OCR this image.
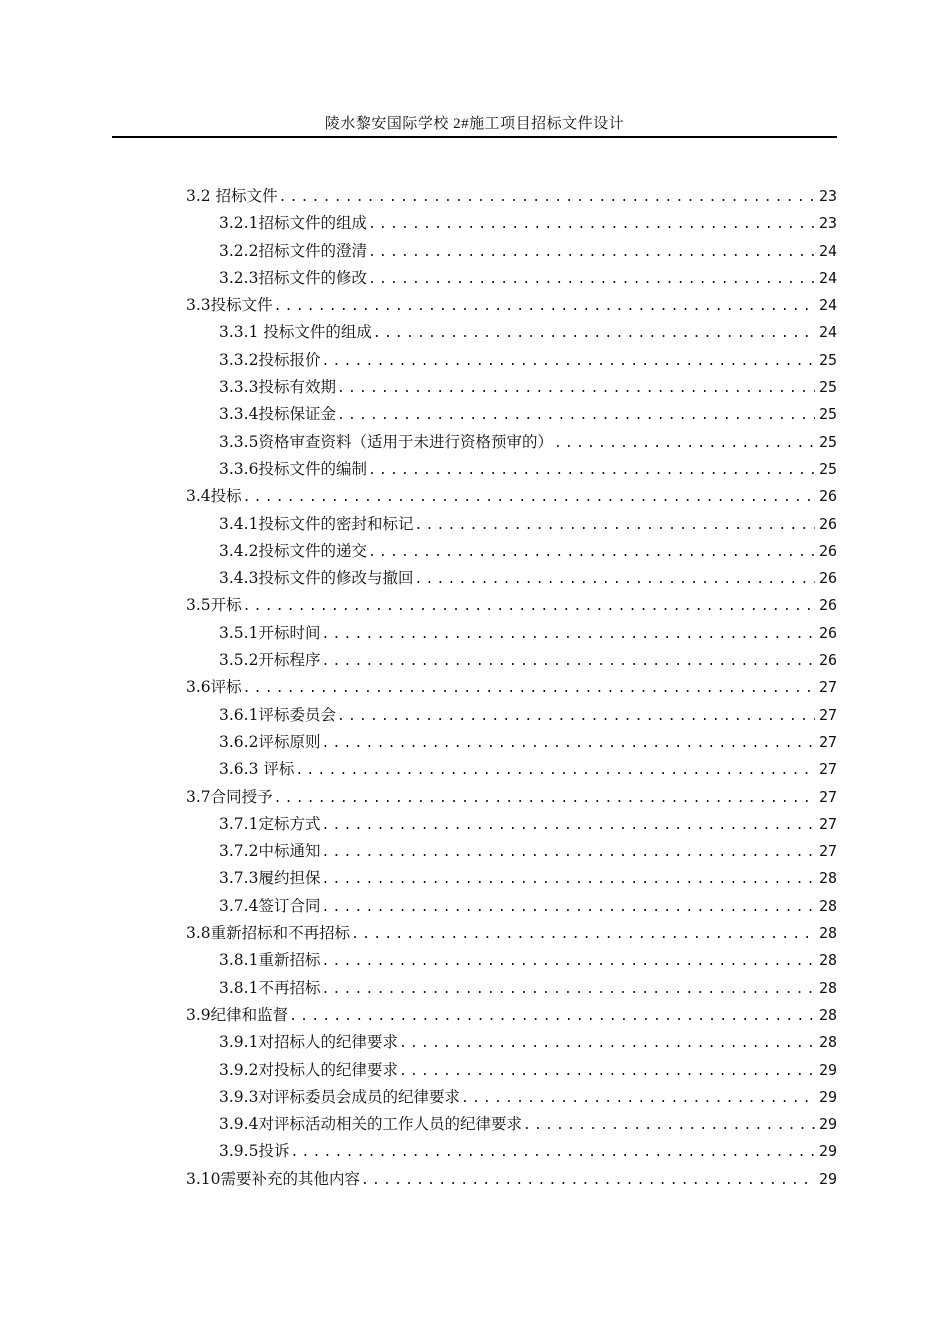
陵水黎安国际学校 2#施工项目招标文件设计
3.2 招标文件 .....	23
3.2.1招标文件的组成 .....	23
3.2.2招标文件的澄清 .....	24
3.2.3招标文件的修改 .....	24
3.3投标文件 .....	24
3.3.1 投标文件的组成 .....	24
3.3.2投标报价 .....	25
3.3.3投标有效期 .....	25
3.3.4投标保证金 .....	25
3.3.5资格审查资料（适用于未进行资格预审的） .....	25
3.3.6投标文件的编制 .....	25
3.4投标 .....	26
3.4.1投标文件的密封和标记 .....	26
3.4.2投标文件的递交 .....	26
3.4.3投标文件的修改与撤回 .....	26
3.5开标 .....	26
3.5.1开标时间 .....	26
3.5.2开标程序 .....	26
3.6评标 .....	27
3.6.1评标委员会 .....	27
3.6.2评标原则 .....	27
3.6.3 评标 .....	27
3.7合同授予 .....	27
3.7.1定标方式 .....	27
3.7.2中标通知 .....	27
3.7.3履约担保 .....	28
3.7.4签订合同 .....	28
3.8重新招标和不再招标 .....	28
3.8.1重新招标 .....	28
3.8.1不再招标 .....	28
3.9纪律和监督 .....	28
3.9.1对招标人的纪律要求 .....	28
3.9.2对投标人的纪律要求 .....	29
3.9.3对评标委员会成员的纪律要求 .....	29
3.9.4对评标活动相关的工作人员的纪律要求 .....	29
3.9.5投诉 .....	29
3.10需要补充的其他内容 .....	29
